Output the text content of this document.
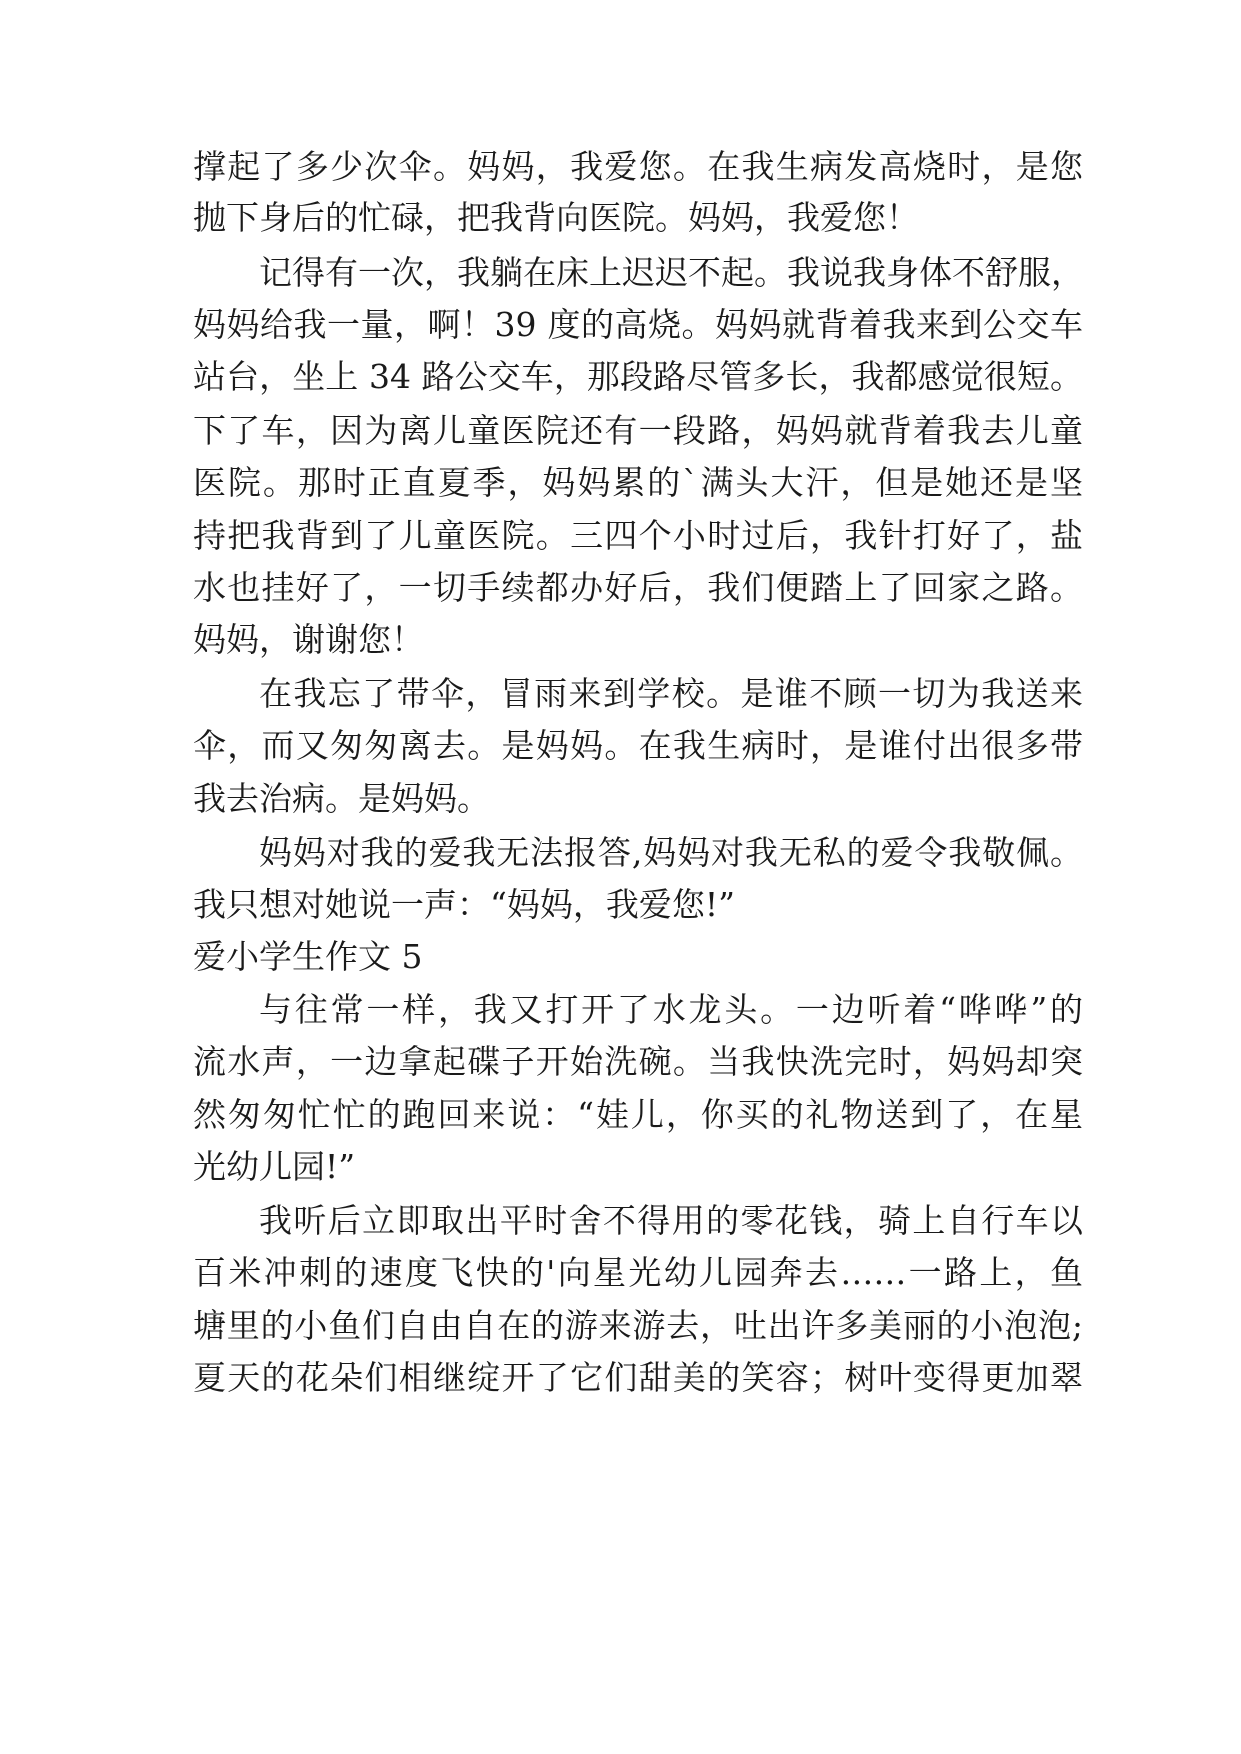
撑起了多少次伞。妈妈，我爱您。在我生病发高烧时，是您
抛下身后的忙碌，把我背向医院。妈妈，我爱您！
记得有一次，我躺在床上迟迟不起。我说我身体不舒服，
妈妈给我一量，啊！39 度的高烧。妈妈就背着我来到公交车
站台，坐上 34 路公交车，那段路尽管多长，我都感觉很短。
下了车，因为离儿童医院还有一段路，妈妈就背着我去儿童
医院。那时正直夏季，妈妈累的`满头大汗，但是她还是坚
持把我背到了儿童医院。三四个小时过后，我针打好了，盐
水也挂好了，一切手续都办好后，我们便踏上了回家之路。
妈妈，谢谢您！
在我忘了带伞，冒雨来到学校。是谁不顾一切为我送来
伞，而又匆匆离去。是妈妈。在我生病时，是谁付出很多带
我去治病。是妈妈。
妈妈对我的爱我无法报答,妈妈对我无私的爱令我敬佩。
我只想对她说一声：“妈妈，我爱您!”
爱小学生作文 5
与往常一样，我又打开了水龙头。一边听着“哗哗”的
流水声，一边拿起碟子开始洗碗。当我快洗完时，妈妈却突
然匆匆忙忙的跑回来说：“娃儿，你买的礼物送到了，在星
光幼儿园!”
我听后立即取出平时舍不得用的零花钱，骑上自行车以
百米冲刺的速度飞快的'向星光幼儿园奔去……一路上，鱼
塘里的小鱼们自由自在的游来游去，吐出许多美丽的小泡泡;
夏天的花朵们相继绽开了它们甜美的笑容；树叶变得更加翠
